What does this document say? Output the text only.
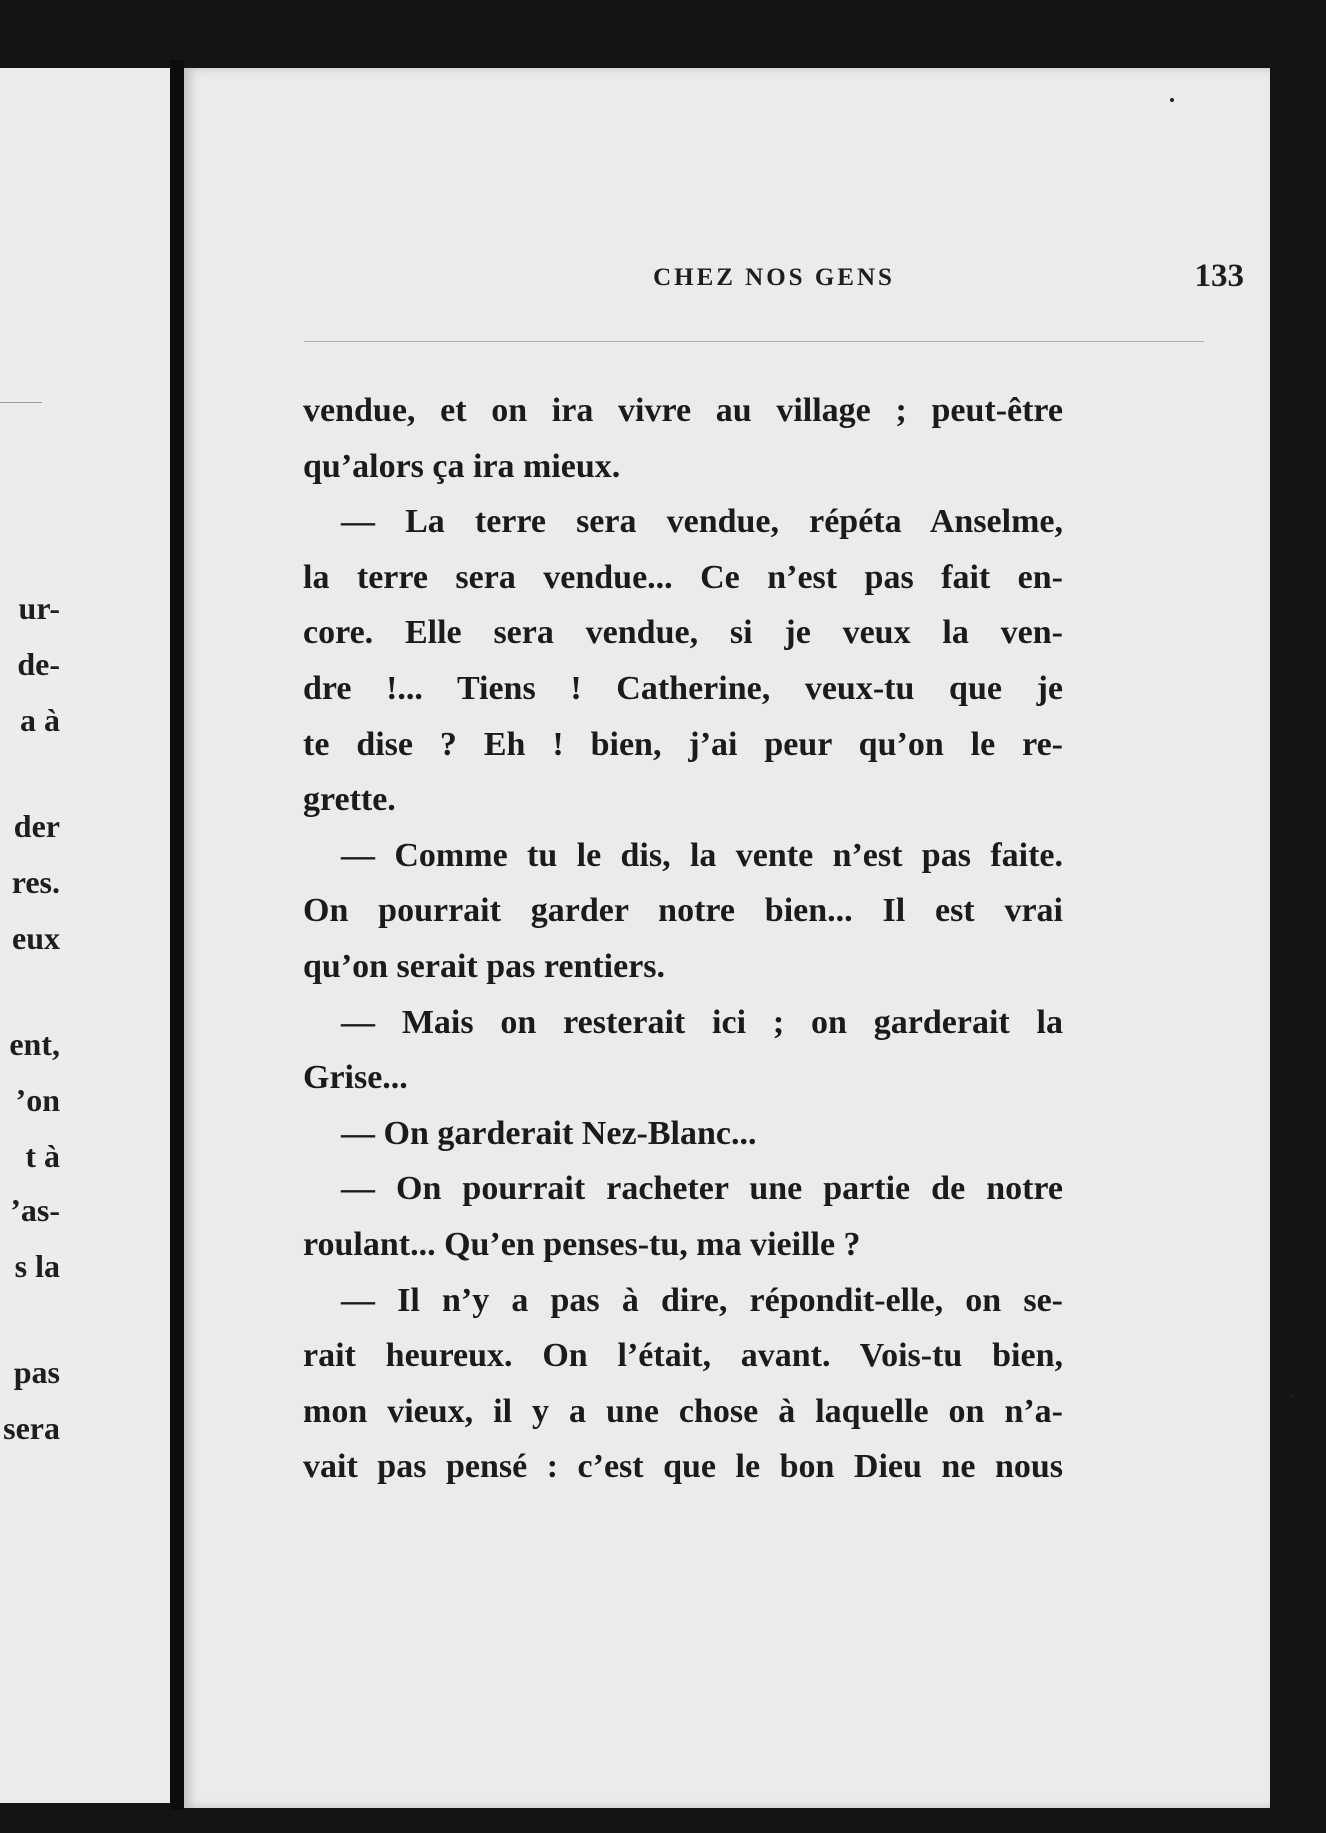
ur-
de-
a à
der
res.
eux
ent,
’on
t à
’as-
s la
pas
sera
CHEZ NOS GENS	133
vendue, et on ira vivre au village ; peut-être
qu’alors ça ira mieux.
— La terre sera vendue, répéta Anselme,
la terre sera vendue... Ce n’est pas fait en-
core. Elle sera vendue, si je veux la ven-
dre !... Tiens ! Catherine, veux-tu que je
te dise ? Eh ! bien, j’ai peur qu’on le re-
grette.
— Comme tu le dis, la vente n’est pas faite.
On pourrait garder notre bien... Il est vrai
qu’on serait pas rentiers.
— Mais on resterait ici ; on garderait la
Grise...
— On garderait Nez-Blanc...
— On pourrait racheter une partie de notre
roulant... Qu’en penses-tu, ma vieille ?
— Il n’y a pas à dire, répondit-elle, on se-
rait heureux. On l’était, avant. Vois-tu bien,
mon vieux, il y a une chose à laquelle on n’a-
vait pas pensé : c’est que le bon Dieu ne nous
